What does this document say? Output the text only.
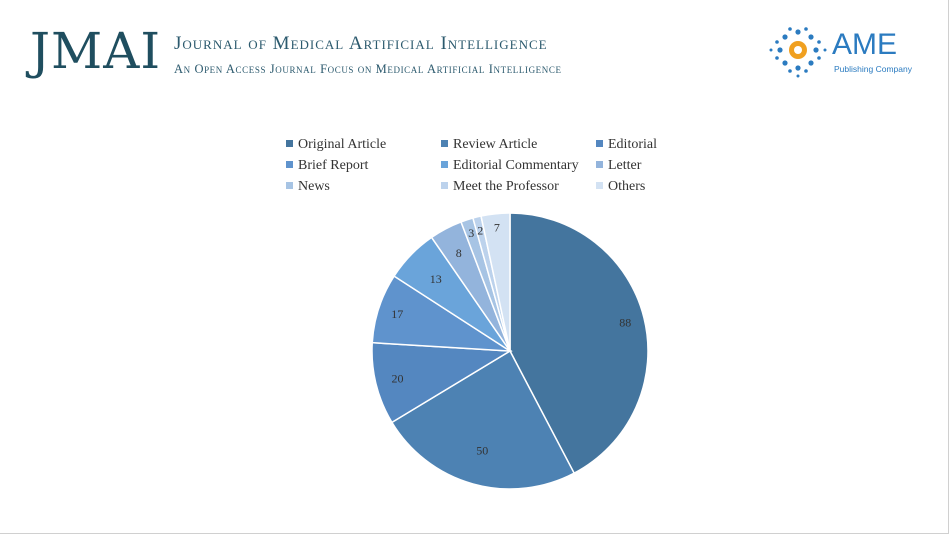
JMAI Journal of Medical Artificial Intelligence
An Open Access Journal Focus on Medical Artificial Intelligence
AME
Publishing Company
Original Article	Review Article	Editorial
Brief Report	Editorial Commentary Letter
News	Meet the Professor	Others
88
50
20
17
13
8
3 2 7
